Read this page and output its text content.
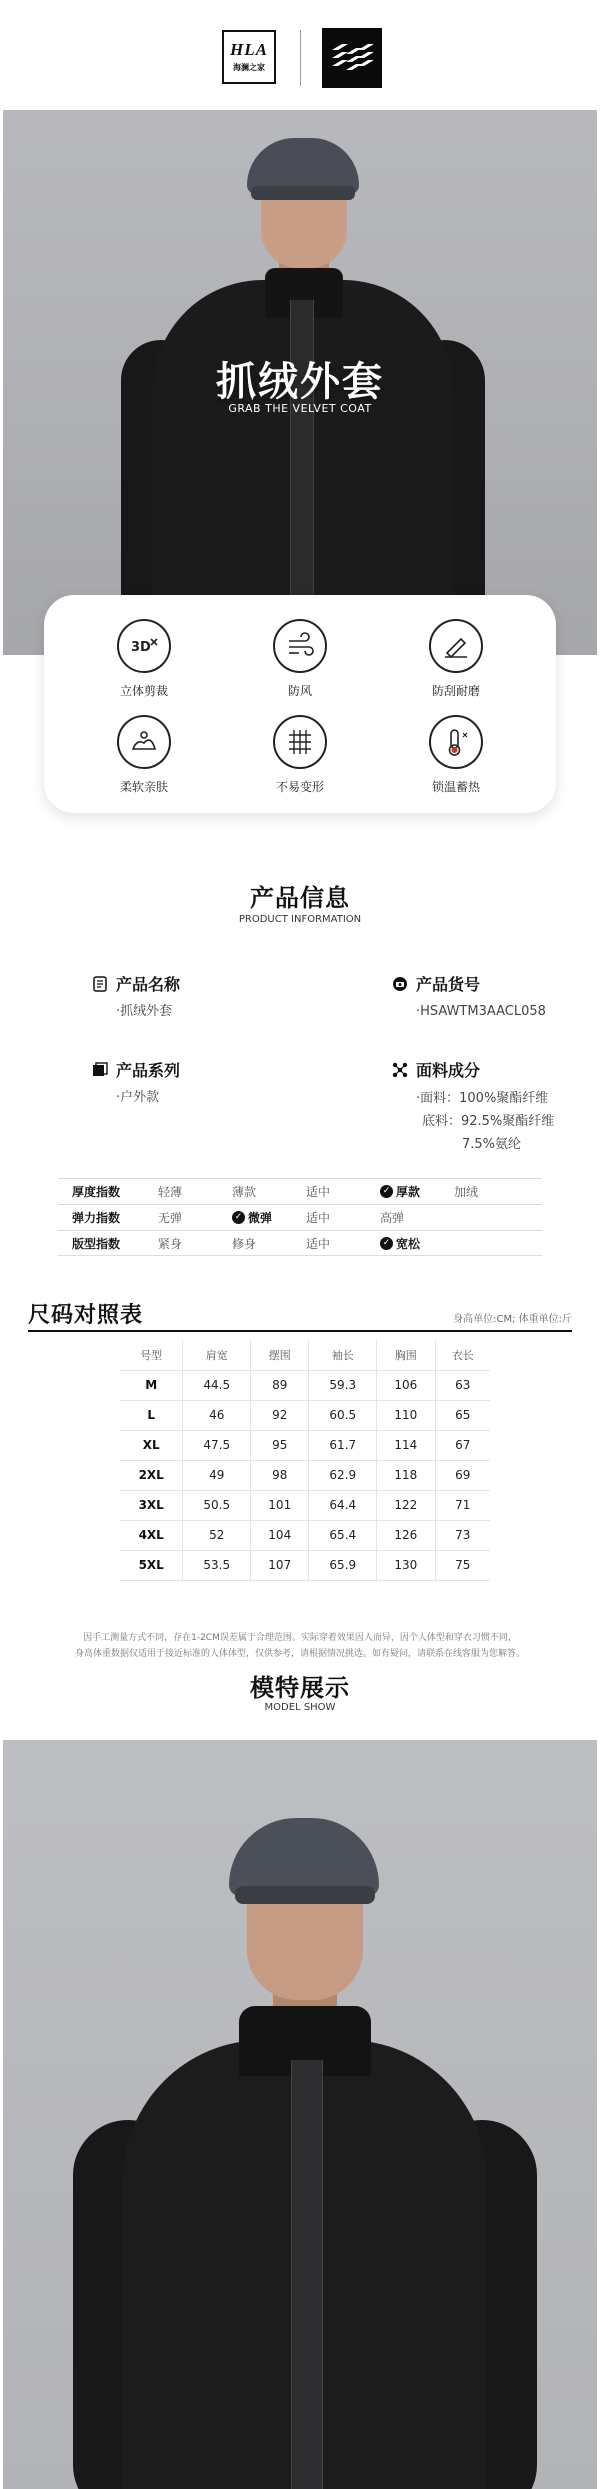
HLA
海澜之家
抓绒外套
GRAB THE VELVET COAT
3D
立体剪裁	防风	防刮耐磨
柔软亲肤	不易变形	锁温蓄热
产品信息
PRODUCT INFORMATION
产品名称
·抓绒外套
产品货号
·HSAWTM3AACL058
产品系列
·户外款
面料成分
·面料：100%聚酯纤维
底料：92.5%聚酯纤维
7.5%氨纶
厚度指数	轻薄	薄款	适中	✓ 厚款	加绒
弹力指数	无弹	✓ 微弹	适中	高弹
版型指数	紧身	修身	适中	✓ 宽松
尺码对照表	身高单位:CM; 体重单位:斤
号型	肩宽	摆围	袖长	胸围	衣长
M	44.5	89	59.3	106	63
L	46	92	60.5	110	65
XL	47.5	95	61.7	114	67
2XL	49	98	62.9	118	69
3XL	50.5	101	64.4	122	71
4XL	52	104	65.4	126	73
5XL	53.5	107	65.9	130	75
因手工测量方式不同，存在1-2CM误差属于合理范围。实际穿着效果因人而异，因个人体型和穿衣习惯不同，
身高体重数据仅适用于接近标准的人体体型，仅供参考，请根据情况挑选。如有疑问，请联系在线客服为您解答。
模特展示
MODEL SHOW
